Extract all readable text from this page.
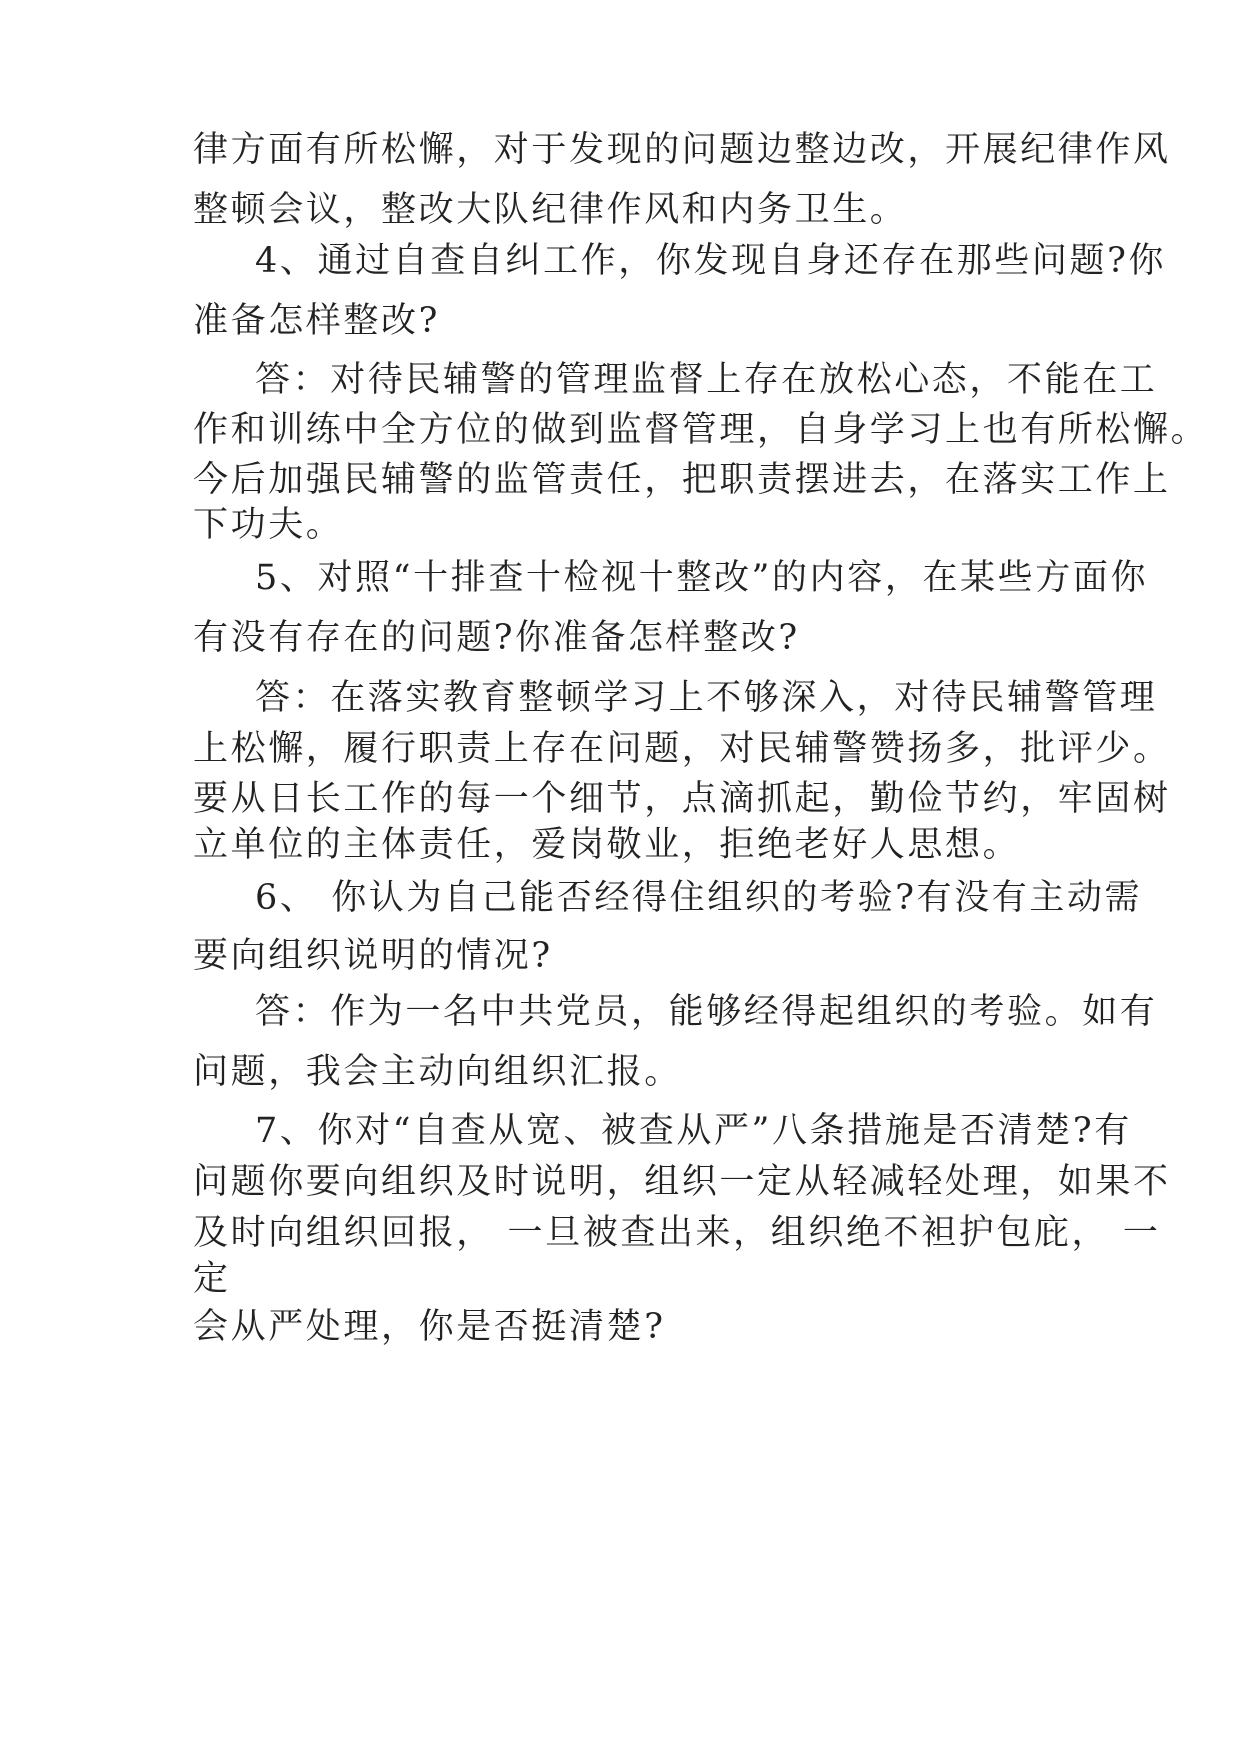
律方面有所松懈，对于发现的问题边整边改，开展纪律作风
整顿会议，整改大队纪律作风和内务卫生。
4、通过自查自纠工作，你发现自身还存在那些问题?你
准备怎样整改?
答：对待民辅警的管理监督上存在放松心态，不能在工
作和训练中全方位的做到监督管理，自身学习上也有所松懈。
今后加强民辅警的监管责任，把职责摆进去，在落实工作上
下功夫。
5、对照“十排查十检视十整改”的内容，在某些方面你
有没有存在的问题?你准备怎样整改?
答：在落实教育整顿学习上不够深入，对待民辅警管理
上松懈，履行职责上存在问题，对民辅警赞扬多，批评少。
要从日长工作的每一个细节，点滴抓起，勤俭节约，牢固树
立单位的主体责任，爱岗敬业，拒绝老好人思想。
6、 你认为自己能否经得住组织的考验?有没有主动需
要向组织说明的情况?
答：作为一名中共党员，能够经得起组织的考验。如有
问题，我会主动向组织汇报。
7、你对“自查从宽、被查从严”八条措施是否清楚?有
问题你要向组织及时说明，组织一定从轻减轻处理，如果不
及时向组织回报， 一旦被查出来，组织绝不袒护包庇， 一
定
会从严处理，你是否挺清楚?
